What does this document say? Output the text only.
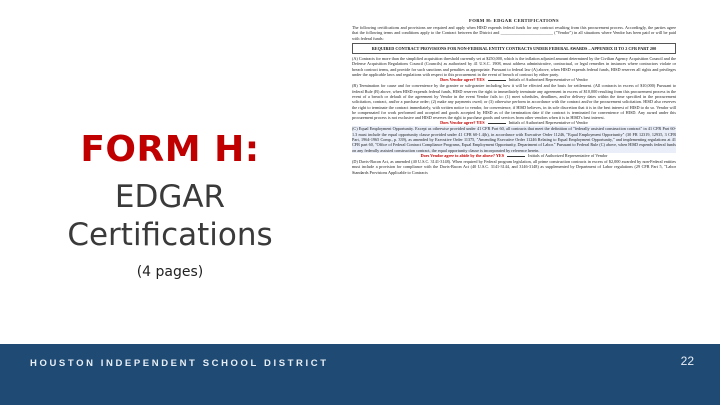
FORM H:
EDGAR
Certifications
(4 pages)
FORM H: EDGAR CERTIFICATIONS
The following certifications and provisions are required and apply when HISD expends federal funds for any contract resulting from this procurement process. Accordingly, the parties agree that the following terms and conditions apply to the Contract between the District and _________________________ ("Vendor") in all situations where Vendor has been paid or will be paid with federal funds:
REQUIRED CONTRACT PROVISIONS FOR NON-FEDERAL ENTITY CONTRACTS UNDER FEDERAL AWARDS – APPENDIX II TO 2 CFR PART 200
(A) Contracts for more than the simplified acquisition threshold currently set at $250,000, which is the inflation adjusted amount determined by the Civilian Agency Acquisition Council and the Defense Acquisition Regulations Council (Councils) as authorized by 41 U.S.C. 1908, must address administrative, contractual, or legal remedies in instances where contractors violate or breach contract terms, and provide for such sanctions and penalties as appropriate. Pursuant to federal law (A) above, when HISD expends federal funds, HISD reserves all rights and privileges under the applicable laws and regulations with respect to this procurement in the event of breach of contract by either party.
Does Vendor agree? YES	Initials of Authorized Representative of Vendor
(B) Termination for cause and for convenience by the grantee or sub-grantee including how it will be effected and the basis for settlement. (All contracts in excess of $10,000) Pursuant to federal Rule (B) above, when HISD expends federal funds, HISD reserves the right to immediately terminate any agreement in excess of $10,000 resulting from this procurement process in the event of a breach or default of the agreement by Vendor in the event Vendor fails to: (1) meet schedules, deadlines, and/or delivery dates within the time specified in the procurement solicitation, contract, and/or a purchase order; (2) make any payments owed; or (3) otherwise perform in accordance with the contract and/or the procurement solicitation. HISD also reserves the right to terminate the contract immediately, with written notice to vendor, for convenience, if HISD believes, in its sole discretion that it is in the best interest of HISD to do so. Vendor will be compensated for work performed and accepted and goods accepted by HISD as of the termination date if the contract is terminated for convenience of HISD. Any award under this procurement process is not exclusive and HISD reserves the right to purchase goods and services from other vendors when it is in HISD's best interest.
Does Vendor agree? YES	Initials of Authorized Representative of Vendor
(C) Equal Employment Opportunity. Except as otherwise provided under 41 CFR Part 60, all contracts that meet the definition of "federally assisted construction contract" in 41 CFR Part 60-1.3 must include the equal opportunity clause provided under 41 CFR 60-1.4(b), in accordance with Executive Order 11246, "Equal Employment Opportunity" (30 FR 12319, 12935, 3 CFR Part, 1964-1965 Comp., p. 339), as amended by Executive Order 11375, "Amending Executive Order 11246 Relating to Equal Employment Opportunity," and implementing regulations at 41 CFR part 60, "Office of Federal Contract Compliance Programs, Equal Employment Opportunity, Department of Labor." Pursuant to Federal Rule (C) above, when HISD expends federal funds on any federally assisted construction contract, the equal opportunity clause is incorporated by reference herein.
Does Vendor agree to abide by the above? YES	Initials of Authorized Representative of Vendor
(D) Davis-Bacon Act, as amended (40 U.S.C. 3141-3148). When required by Federal program legislation, all prime construction contracts in excess of $2,000 awarded by non-Federal entities must include a provision for compliance with the Davis-Bacon Act (40 U.S.C. 3141-3144, and 3146-3148) as supplemented by Department of Labor regulations (29 CFR Part 5, "Labor Standards Provisions Applicable to Contracts
HOUSTON INDEPENDENT SCHOOL DISTRICT	22
